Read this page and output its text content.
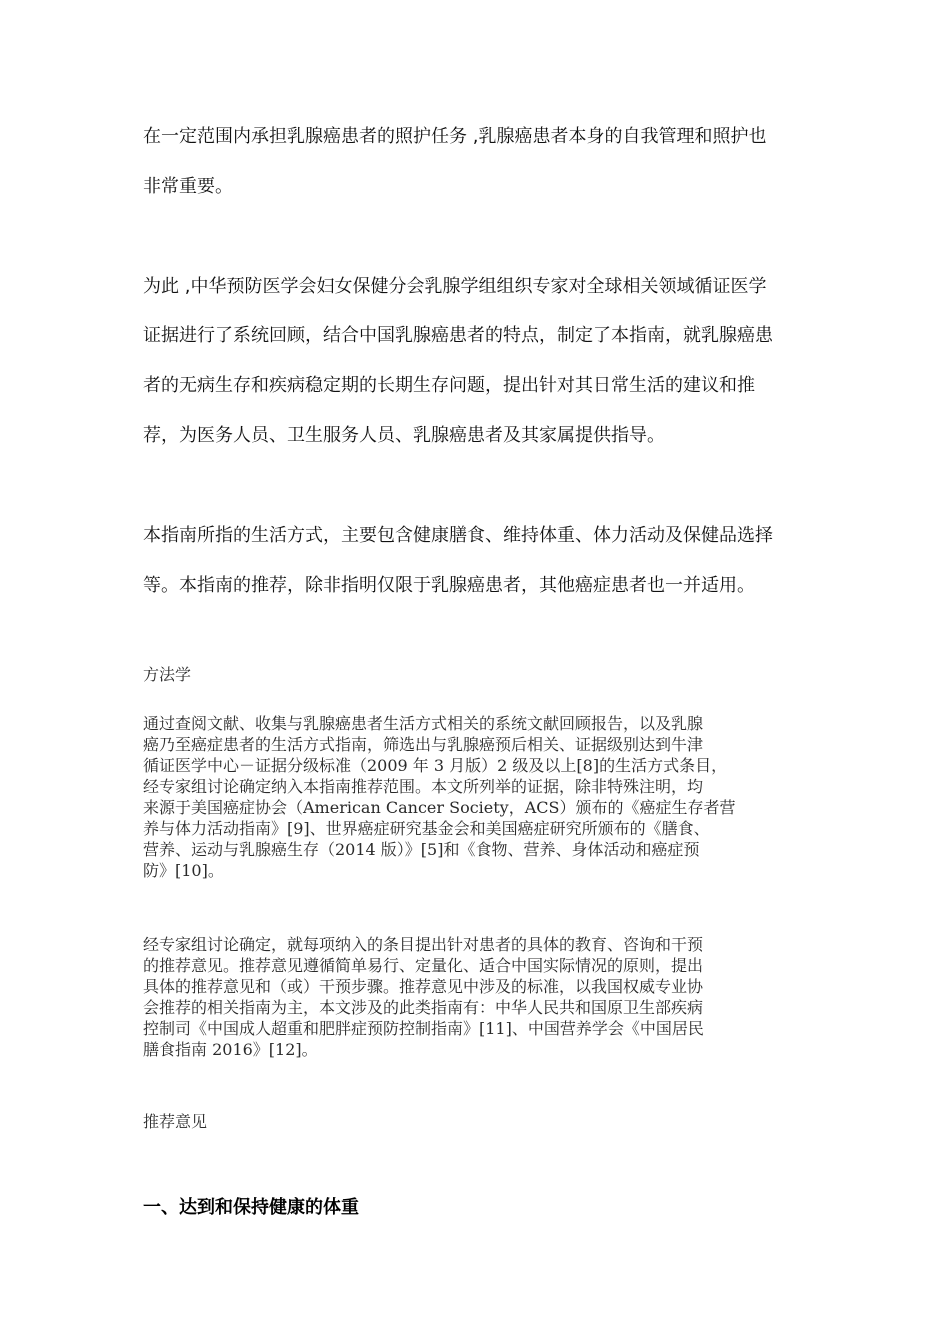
在一定范围内承担乳腺癌患者的照护任务 ,乳腺癌患者本身的自我管理和照护也
非常重要。
为此 ,中华预防医学会妇女保健分会乳腺学组组织专家对全球相关领域循证医学
证据进行了系统回顾，结合中国乳腺癌患者的特点，制定了本指南，就乳腺癌患
者的无病生存和疾病稳定期的长期生存问题，提出针对其日常生活的建议和推
荐，为医务人员、卫生服务人员、乳腺癌患者及其家属提供指导。
本指南所指的生活方式，主要包含健康膳食、维持体重、体力活动及保健品选择
等。本指南的推荐，除非指明仅限于乳腺癌患者，其他癌症患者也一并适用。
方法学
通过查阅文献、收集与乳腺癌患者生活方式相关的系统文献回顾报告，以及乳腺
癌乃至癌症患者的生活方式指南，筛选出与乳腺癌预后相关、证据级别达到牛津
循证医学中心－证据分级标准（2009 年 3 月版）2 级及以上[8]的生活方式条目，
经专家组讨论确定纳入本指南推荐范围。本文所列举的证据，除非特殊注明，均
来源于美国癌症协会（American Cancer Society，ACS）颁布的《癌症生存者营
养与体力活动指南》[9]、世界癌症研究基金会和美国癌症研究所颁布的《膳食、
营养、运动与乳腺癌生存（2014 版）》[5]和《食物、营养、身体活动和癌症预
防》[10]。
经专家组讨论确定，就每项纳入的条目提出针对患者的具体的教育、咨询和干预
的推荐意见。推荐意见遵循简单易行、定量化、适合中国实际情况的原则，提出
具体的推荐意见和（或）干预步骤。推荐意见中涉及的标准，以我国权威专业协
会推荐的相关指南为主，本文涉及的此类指南有：中华人民共和国原卫生部疾病
控制司《中国成人超重和肥胖症预防控制指南》[11]、中国营养学会《中国居民
膳食指南 2016》[12]。
推荐意见
一、达到和保持健康的体重
